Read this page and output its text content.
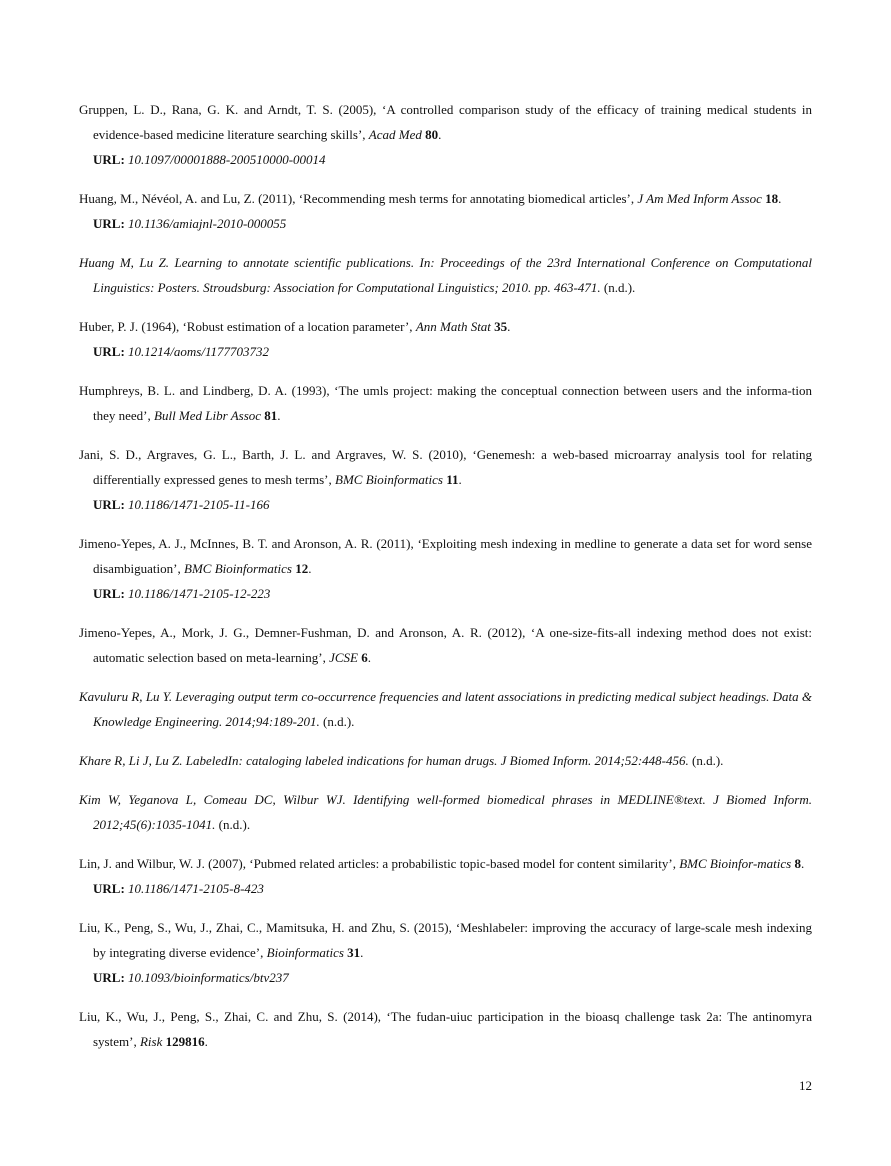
Gruppen, L. D., Rana, G. K. and Arndt, T. S. (2005), ‘A controlled comparison study of the efficacy of training medical students in evidence-based medicine literature searching skills’, Acad Med 80.

URL: 10.1097/00001888-200510000-00014

Huang, M., Névéol, A. and Lu, Z. (2011), ‘Recommending mesh terms for annotating biomedical articles’, J Am Med Inform Assoc 18.

URL: 10.1136/amiajnl-2010-000055

Huang M, Lu Z. Learning to annotate scientific publications. In: Proceedings of the 23rd International Conference on Computational Linguistics: Posters. Stroudsburg: Association for Computational Linguistics; 2010. pp. 463-471. (n.d.).

Huber, P. J. (1964), ‘Robust estimation of a location parameter’, Ann Math Stat 35.

URL: 10.1214/aoms/1177703732

Humphreys, B. L. and Lindberg, D. A. (1993), ‘The umls project: making the conceptual connection between users and the informa-tion they need’, Bull Med Libr Assoc 81.

Jani, S. D., Argraves, G. L., Barth, J. L. and Argraves, W. S. (2010), ‘Genemesh: a web-based microarray analysis tool for relating differentially expressed genes to mesh terms’, BMC Bioinformatics 11.

URL: 10.1186/1471-2105-11-166

Jimeno-Yepes, A. J., McInnes, B. T. and Aronson, A. R. (2011), ‘Exploiting mesh indexing in medline to generate a data set for word sense disambiguation’, BMC Bioinformatics 12.

URL: 10.1186/1471-2105-12-223

Jimeno-Yepes, A., Mork, J. G., Demner-Fushman, D. and Aronson, A. R. (2012), ‘A one-size-fits-all indexing method does not exist: automatic selection based on meta-learning’, JCSE 6.

Kavuluru R, Lu Y. Leveraging output term co-occurrence frequencies and latent associations in predicting medical subject headings. Data & Knowledge Engineering. 2014;94:189-201. (n.d.).

Khare R, Li J, Lu Z. LabeledIn: cataloging labeled indications for human drugs. J Biomed Inform. 2014;52:448-456. (n.d.).

Kim W, Yeganova L, Comeau DC, Wilbur WJ. Identifying well-formed biomedical phrases in MEDLINE®text. J Biomed Inform. 2012;45(6):1035-1041. (n.d.).

Lin, J. and Wilbur, W. J. (2007), ‘Pubmed related articles: a probabilistic topic-based model for content similarity’, BMC Bioinfor-matics 8.

URL: 10.1186/1471-2105-8-423

Liu, K., Peng, S., Wu, J., Zhai, C., Mamitsuka, H. and Zhu, S. (2015), ‘Meshlabeler: improving the accuracy of large-scale mesh indexing by integrating diverse evidence’, Bioinformatics 31.

URL: 10.1093/bioinformatics/btv237

Liu, K., Wu, J., Peng, S., Zhai, C. and Zhu, S. (2014), ‘The fudan-uiuc participation in the bioasq challenge task 2a: The antinomyra system’, Risk 129816.

12
